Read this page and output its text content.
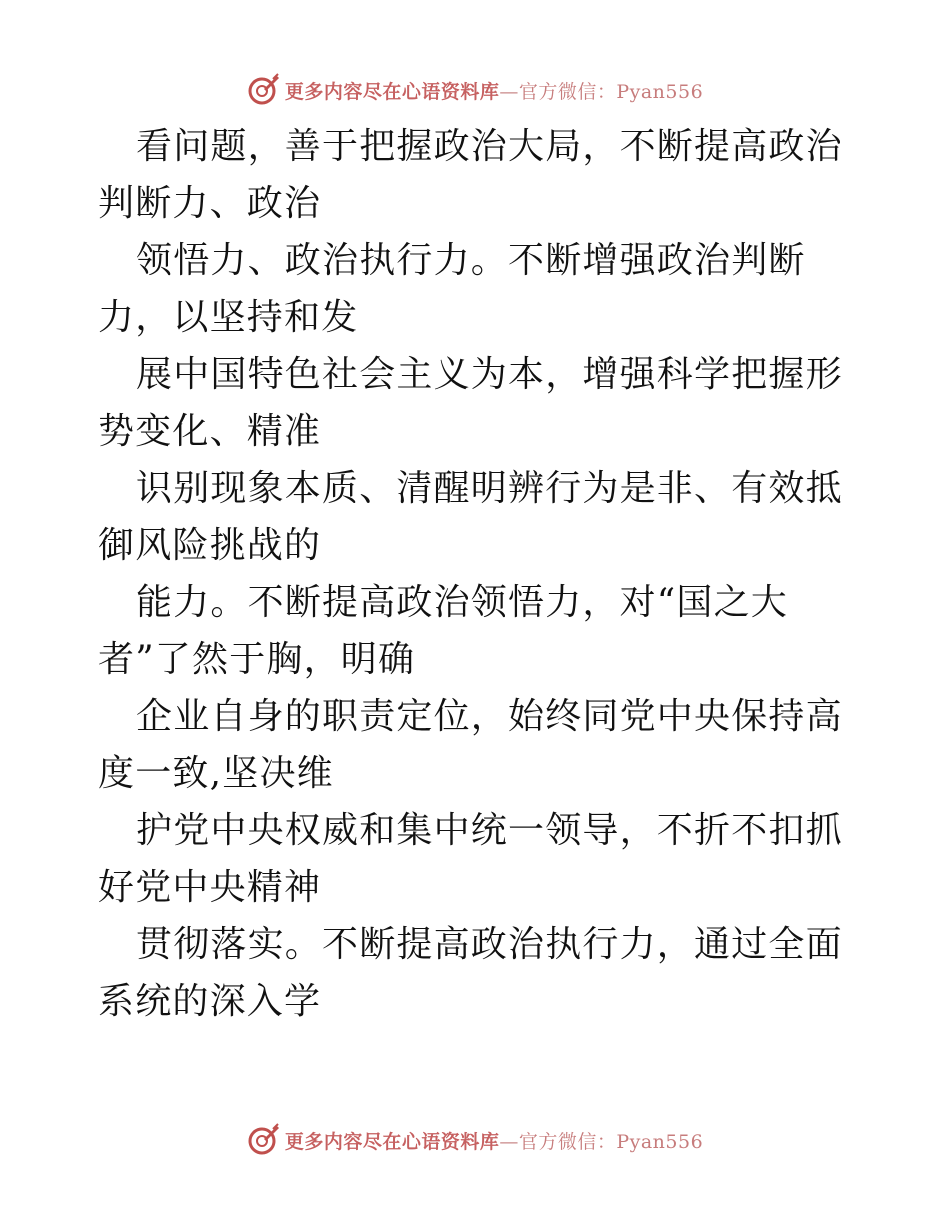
更多内容尽在心语资料库—官方微信：Pyan556

看问题，善于把握政治大局，不断提高政治判断力、政治

领悟力、政治执行力。不断增强政治判断力，以坚持和发

展中国特色社会主义为本，增强科学把握形势变化、精准

识别现象本质、清醒明辨行为是非、有效抵御风险挑战的

能力。不断提高政治领悟力，对“国之大者”了然于胸，明确

企业自身的职责定位，始终同党中央保持高度一致,坚决维

护党中央权威和集中统一领导，不折不扣抓好党中央精神

贯彻落实。不断提高政治执行力，通过全面系统的深入学

更多内容尽在心语资料库—官方微信：Pyan556
